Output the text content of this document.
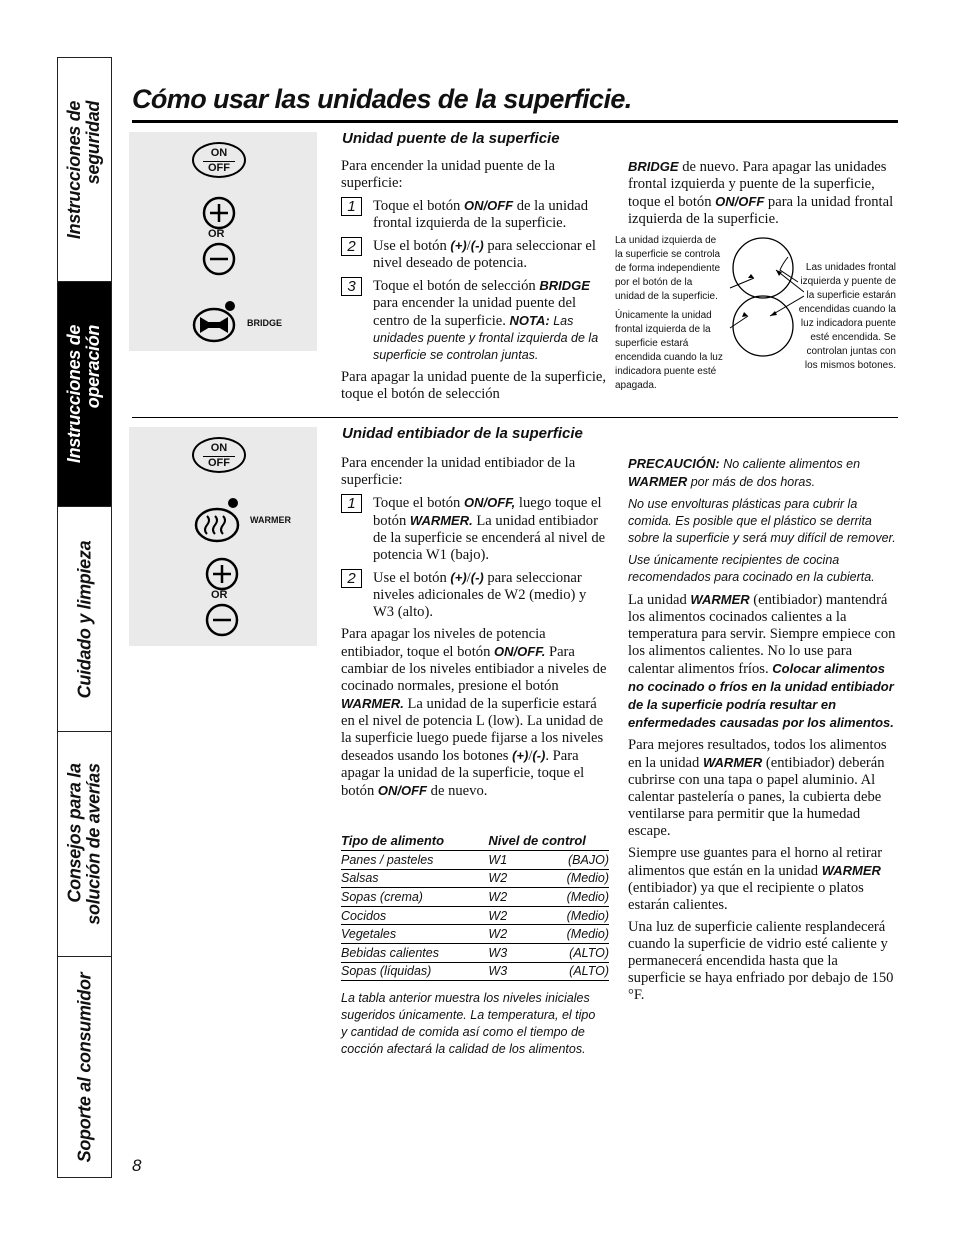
Instrucciones de seguridad
Instrucciones de operación
Cuidado y limpieza
Consejos para la solución de averías
Soporte al consumidor
Cómo usar las unidades de la superficie.
ON
OFF
OR
BRIDGE
Unidad puente de la superficie

Para encender la unidad puente de la superficie:

1	Toque el botón ON/OFF de la unidad frontal izquierda de la superficie.
2	Use el botón (+)/(-) para seleccionar el nivel deseado de potencia.
3	Toque el botón de selección BRIDGE para encender la unidad puente del centro de la superficie. NOTA: Las unidades puente y frontal izquierda de la superficie se controlan juntas.

Para apagar la unidad puente de la superficie, toque el botón de selección

BRIDGE de nuevo. Para apagar las unidades frontal izquierda y puente de la superficie, toque el botón ON/OFF para la unidad frontal izquierda de la superficie.

La unidad izquierda de la superficie se controla de forma independiente por el botón de la unidad de la superficie.
Únicamente la unidad frontal izquierda de la superficie estará encendida cuando la luz indicadora puente esté apagada.
Las unidades frontal izquierda y puente de la superficie estarán encendidas cuando la luz indicadora puente esté encendida. Se controlan juntas con los mismos botones.
ON
OFF
WARMER
OR
Unidad entibiador de la superficie

Para encender la unidad entibiador de la superficie:

1	Toque el botón ON/OFF, luego toque el botón WARMER. La unidad entibiador de la superficie se encenderá al nivel de potencia W1 (bajo).
2	Use el botón (+)/(-) para seleccionar niveles adicionales de W2 (medio) y W3 (alto).

Para apagar los niveles de potencia entibiador, toque el botón ON/OFF. Para cambiar de los niveles entibiador a niveles de cocinado normales, presione el botón WARMER. La unidad de la superficie estará en el nivel de potencia L (low). La unidad de la superficie luego puede fijarse a los niveles deseados usando los botones (+)/(-). Para apagar la unidad de la superficie, toque el botón ON/OFF de nuevo.

Tipo de alimento	Nivel de control	
Panes / pasteles	W1	(BAJO)
Salsas	W2	(Medio)
Sopas (crema)	W2	(Medio)
Cocidos	W2	(Medio)
Vegetales	W2	(Medio)
Bebidas calientes	W3	(ALTO)
Sopas (líquidas)	W3	(ALTO)
La tabla anterior muestra los niveles iniciales sugeridos únicamente. La temperatura, el tipo y cantidad de comida así como el tiempo de cocción afectará la calidad de los alimentos.

PRECAUCIÓN: No caliente alimentos en WARMER por más de dos horas.

No use envolturas plásticas para cubrir la comida. Es posible que el plástico se derrita sobre la superficie y será muy difícil de remover.

Use únicamente recipientes de cocina recomendados para cocinado en la cubierta.

La unidad WARMER (entibiador) mantendrá los alimentos cocinados calientes a la temperatura para servir. Siempre empiece con los alimentos calientes. No lo use para calentar alimentos fríos. Colocar alimentos no cocinado o fríos en la unidad entibiador de la superficie podría resultar en enfermedades causadas por los alimentos.

Para mejores resultados, todos los alimentos en la unidad WARMER (entibiador) deberán cubrirse con una tapa o papel aluminio. Al calentar pastelería o panes, la cubierta debe ventilarse para permitir que la humedad escape.

Siempre use guantes para el horno al retirar alimentos que están en la unidad WARMER (entibiador) ya que el recipiente o platos estarán calientes.

Una luz de superficie caliente resplandecerá cuando la superficie de vidrio esté caliente y permanecerá encendida hasta que la superficie se haya enfriado por debajo de 150 °F.

8
